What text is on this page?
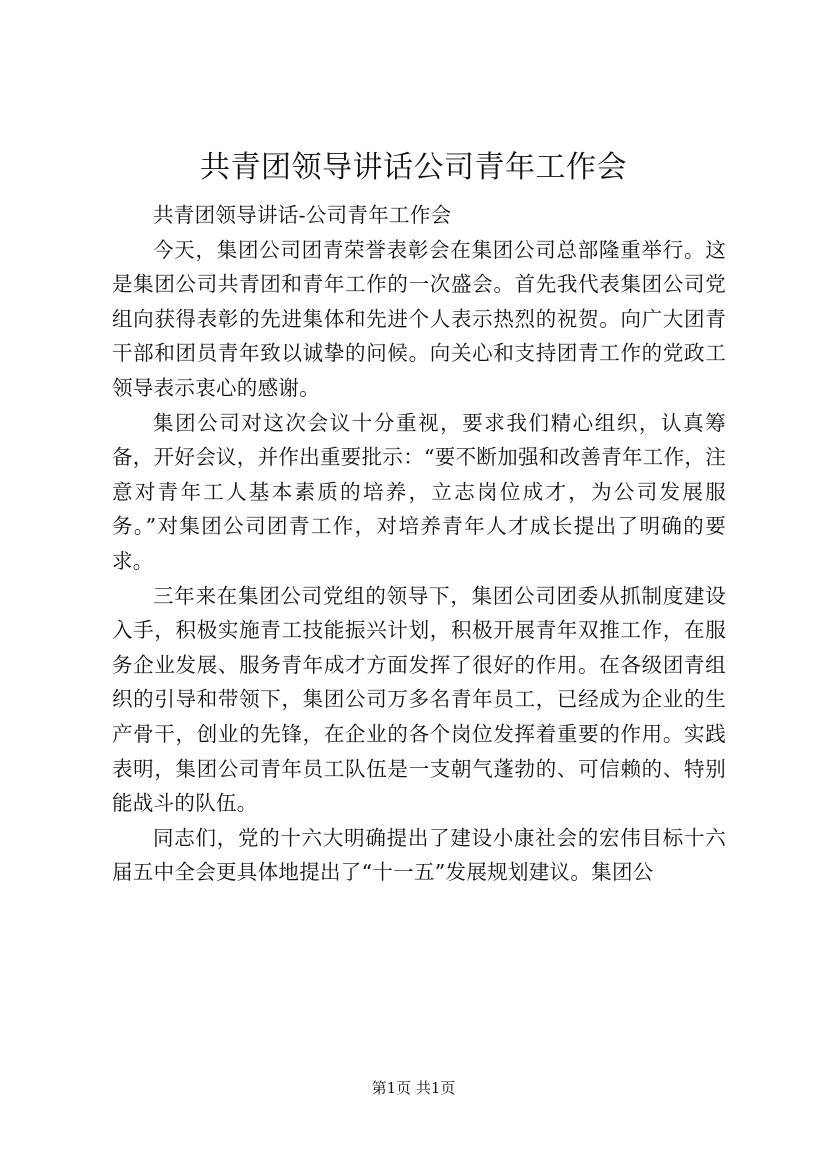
共青团领导讲话公司青年工作会

共青团领导讲话-公司青年工作会

今天，集团公司团青荣誉表彰会在集团公司总部隆重举行。这是集团公司共青团和青年工作的一次盛会。首先我代表集团公司党组向获得表彰的先进集体和先进个人表示热烈的祝贺。向广大团青干部和团员青年致以诚挚的问候。向关心和支持团青工作的党政工领导表示衷心的感谢。

集团公司对这次会议十分重视，要求我们精心组织，认真筹备，开好会议，并作出重要批示：“要不断加强和改善青年工作，注意对青年工人基本素质的培养，立志岗位成才，为公司发展服务。”对集团公司团青工作，对培养青年人才成长提出了明确的要求。

三年来在集团公司党组的领导下，集团公司团委从抓制度建设入手，积极实施青工技能振兴计划，积极开展青年双推工作，在服务企业发展、服务青年成才方面发挥了很好的作用。在各级团青组织的引导和带领下，集团公司万多名青年员工，已经成为企业的生产骨干，创业的先锋，在企业的各个岗位发挥着重要的作用。实践表明，集团公司青年员工队伍是一支朝气蓬勃的、可信赖的、特别能战斗的队伍。

同志们，党的十六大明确提出了建设小康社会的宏伟目标十六届五中全会更具体地提出了“十一五”发展规划建议。集团公

第1页 共1页
